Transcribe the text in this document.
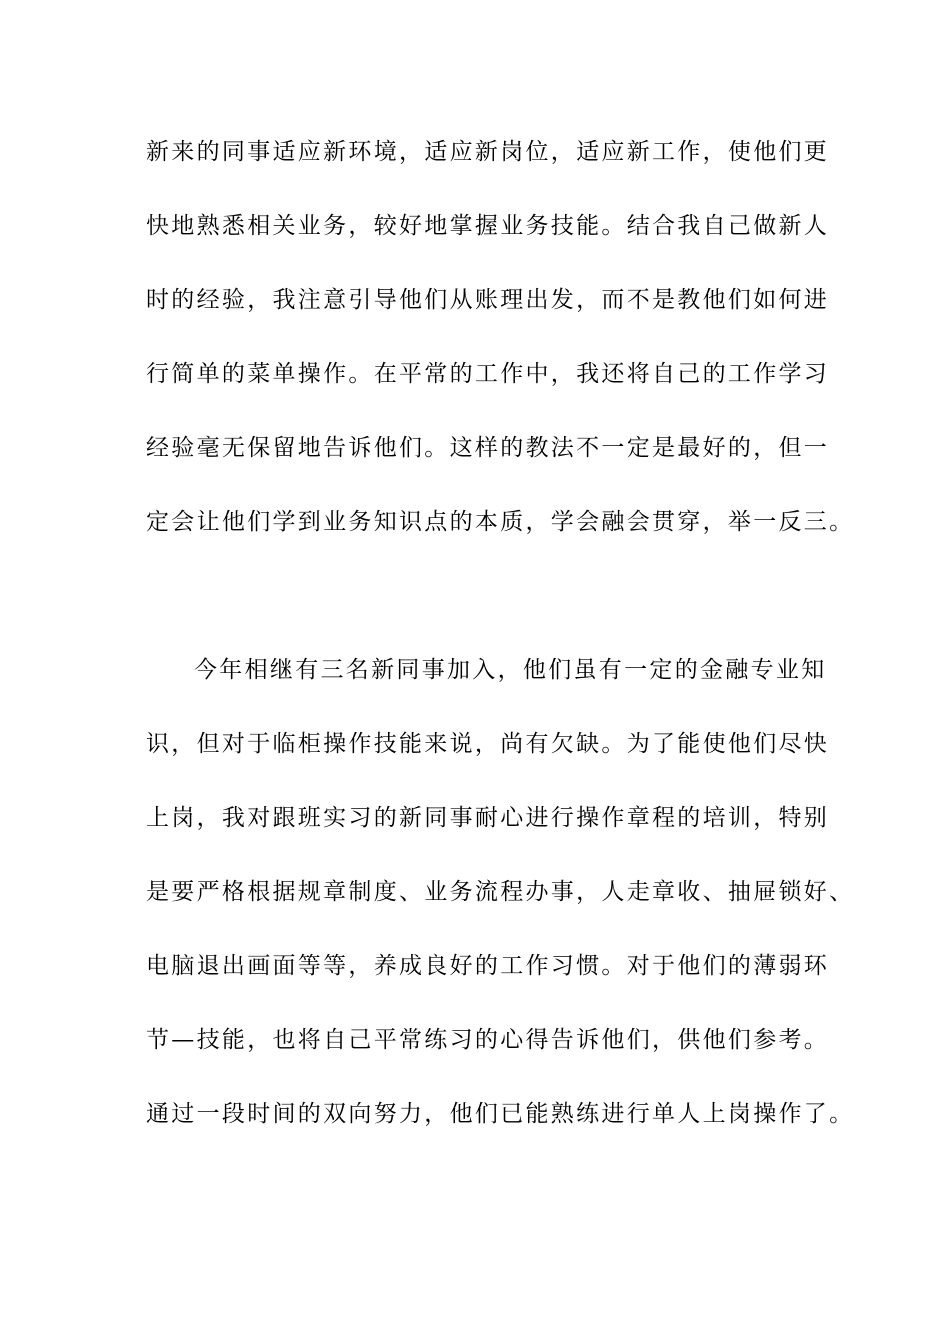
新来的同事适应新环境，适应新岗位，适应新工作，使他们更
快地熟悉相关业务，较好地掌握业务技能。结合我自己做新人
时的经验，我注意引导他们从账理出发，而不是教他们如何进
行简单的菜单操作。在平常的工作中，我还将自己的工作学习
经验毫无保留地告诉他们。这样的教法不一定是最好的，但一
定会让他们学到业务知识点的本质，学会融会贯穿，举一反三。
今年相继有三名新同事加入，他们虽有一定的金融专业知
识，但对于临柜操作技能来说，尚有欠缺。为了能使他们尽快
上岗，我对跟班实习的新同事耐心进行操作章程的培训，特别
是要严格根据规章制度、业务流程办事，人走章收、抽屉锁好、
电脑退出画面等等，养成良好的工作习惯。对于他们的薄弱环
节—技能，也将自己平常练习的心得告诉他们，供他们参考。
通过一段时间的双向努力，他们已能熟练进行单人上岗操作了。
